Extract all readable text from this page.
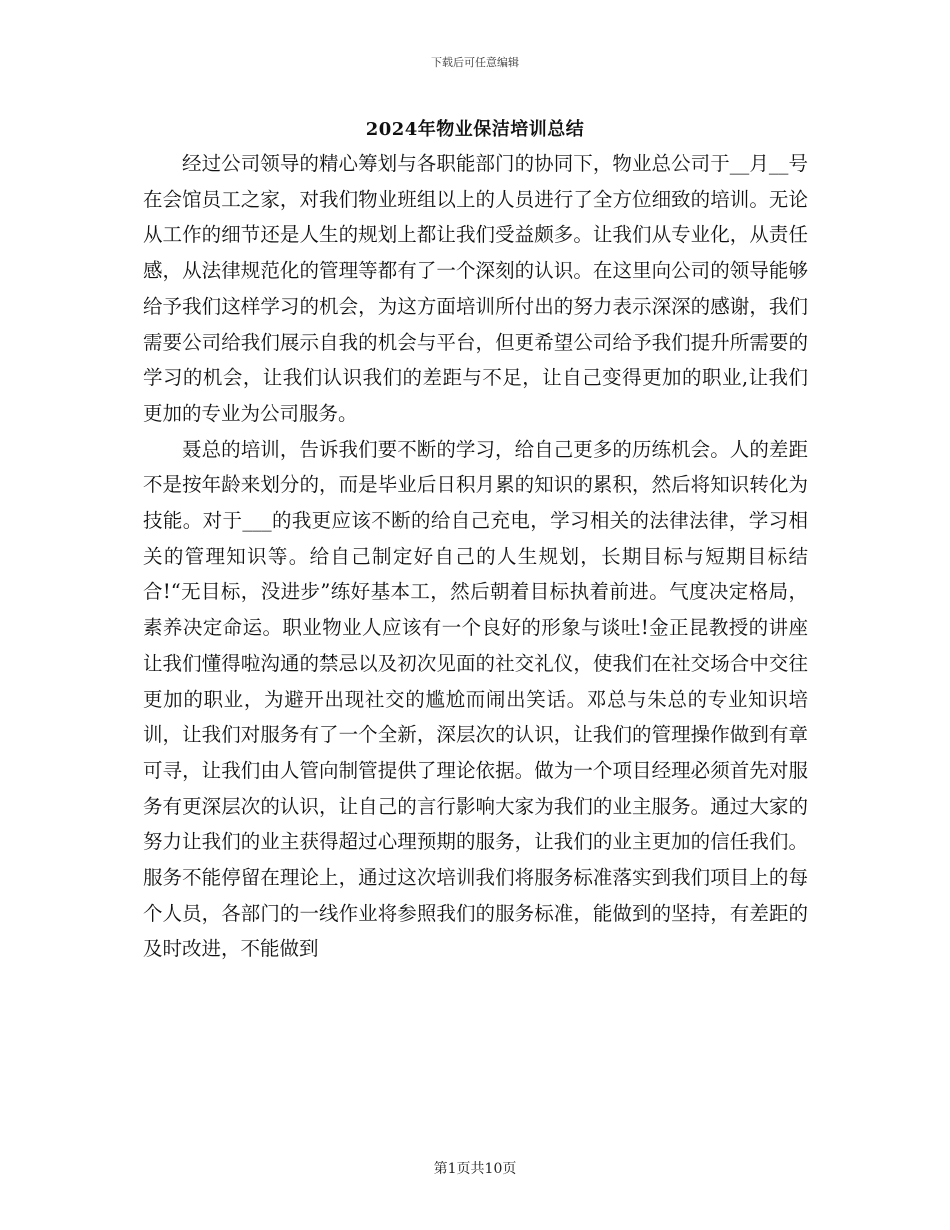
下载后可任意编辑
2024年物业保洁培训总结

经过公司领导的精心筹划与各职能部门的协同下，物业总公司于__月__号在会馆员工之家，对我们物业班组以上的人员进行了全方位细致的培训。无论从工作的细节还是人生的规划上都让我们受益颇多。让我们从专业化，从责任感，从法律规范化的管理等都有了一个深刻的认识。在这里向公司的领导能够给予我们这样学习的机会，为这方面培训所付出的努力表示深深的感谢，我们需要公司给我们展示自我的机会与平台，但更希望公司给予我们提升所需要的学习的机会，让我们认识我们的差距与不足，让自己变得更加的职业,让我们更加的专业为公司服务。

聂总的培训，告诉我们要不断的学习，给自己更多的历练机会。人的差距不是按年龄来划分的，而是毕业后日积月累的知识的累积，然后将知识转化为技能。对于___的我更应该不断的给自己充电，学习相关的法律法律，学习相关的管理知识等。给自己制定好自己的人生规划，长期目标与短期目标结合!“无目标，没进步”练好基本工，然后朝着目标执着前进。气度决定格局，素养决定命运。职业物业人应该有一个良好的形象与谈吐!金正昆教授的讲座让我们懂得啦沟通的禁忌以及初次见面的社交礼仪，使我们在社交场合中交往更加的职业，为避开出现社交的尴尬而闹出笑话。邓总与朱总的专业知识培训，让我们对服务有了一个全新，深层次的认识，让我们的管理操作做到有章可寻，让我们由人管向制管提供了理论依据。做为一个项目经理必须首先对服务有更深层次的认识，让自己的言行影响大家为我们的业主服务。通过大家的努力让我们的业主获得超过心理预期的服务，让我们的业主更加的信任我们。服务不能停留在理论上，通过这次培训我们将服务标准落实到我们项目上的每个人员，各部门的一线作业将参照我们的服务标准，能做到的坚持，有差距的及时改进，不能做到

第1页共10页
